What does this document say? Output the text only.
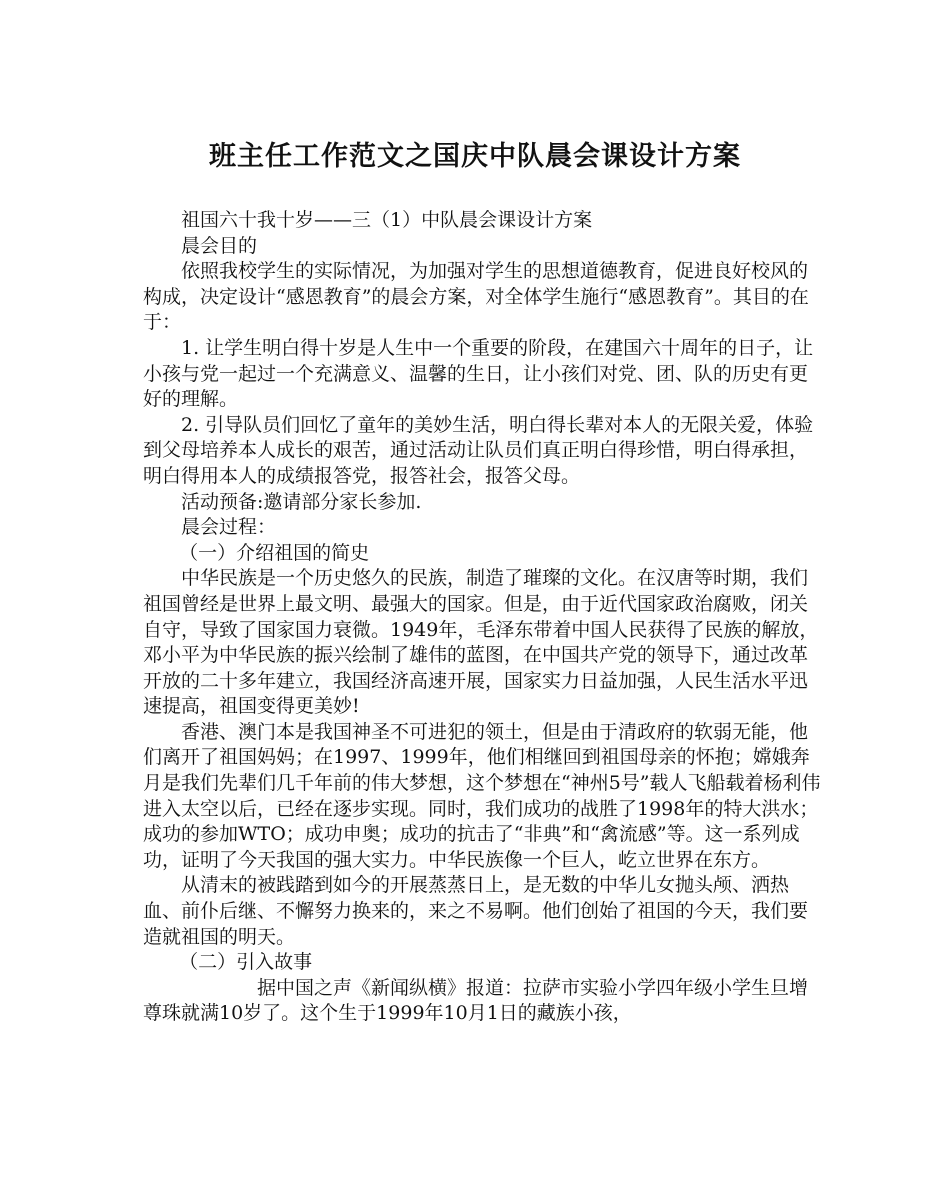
班主任工作范文之国庆中队晨会课设计方案

祖国六十我十岁——三（1）中队晨会课设计方案

晨会目的

依照我校学生的实际情况，为加强对学生的思想道德教育，促进良好校风的构成，决定设计“感恩教育”的晨会方案，对全体学生施行“感恩教育”。其目的在于：

1. 让学生明白得十岁是人生中一个重要的阶段，在建国六十周年的日子，让小孩与党一起过一个充满意义、温馨的生日，让小孩们对党、团、队的历史有更好的理解。

2. 引导队员们回忆了童年的美妙生活，明白得长辈对本人的无限关爱，体验到父母培养本人成长的艰苦，通过活动让队员们真正明白得珍惜，明白得承担，明白得用本人的成绩报答党，报答社会，报答父母。

活动预备:邀请部分家长参加.

晨会过程：

（一）介绍祖国的简史

中华民族是一个历史悠久的民族，制造了璀璨的文化。在汉唐等时期，我们祖国曾经是世界上最文明、最强大的国家。但是，由于近代国家政治腐败，闭关自守，导致了国家国力衰微。1949年，毛泽东带着中国人民获得了民族的解放，邓小平为中华民族的振兴绘制了雄伟的蓝图，在中国共产党的领导下，通过改革开放的二十多年建立，我国经济高速开展，国家实力日益加强，人民生活水平迅速提高，祖国变得更美妙!

香港、澳门本是我国神圣不可进犯的领土，但是由于清政府的软弱无能，他们离开了祖国妈妈；在1997、1999年，他们相继回到祖国母亲的怀抱；嫦娥奔月是我们先辈们几千年前的伟大梦想，这个梦想在“神州5号”载人飞船载着杨利伟进入太空以后，已经在逐步实现。同时，我们成功的战胜了1998年的特大洪水；成功的参加WTO；成功申奥；成功的抗击了“非典”和“禽流感”等。这一系列成功，证明了今天我国的强大实力。中华民族像一个巨人，屹立世界在东方。

从清末的被践踏到如今的开展蒸蒸日上，是无数的中华儿女抛头颅、洒热血、前仆后继、不懈努力换来的，来之不易啊。他们创始了祖国的今天，我们要造就祖国的明天。

（二）引入故事

据中国之声《新闻纵横》报道：拉萨市实验小学四年级小学生旦增尊珠就满10岁了。这个生于1999年10月1日的藏族小孩，
